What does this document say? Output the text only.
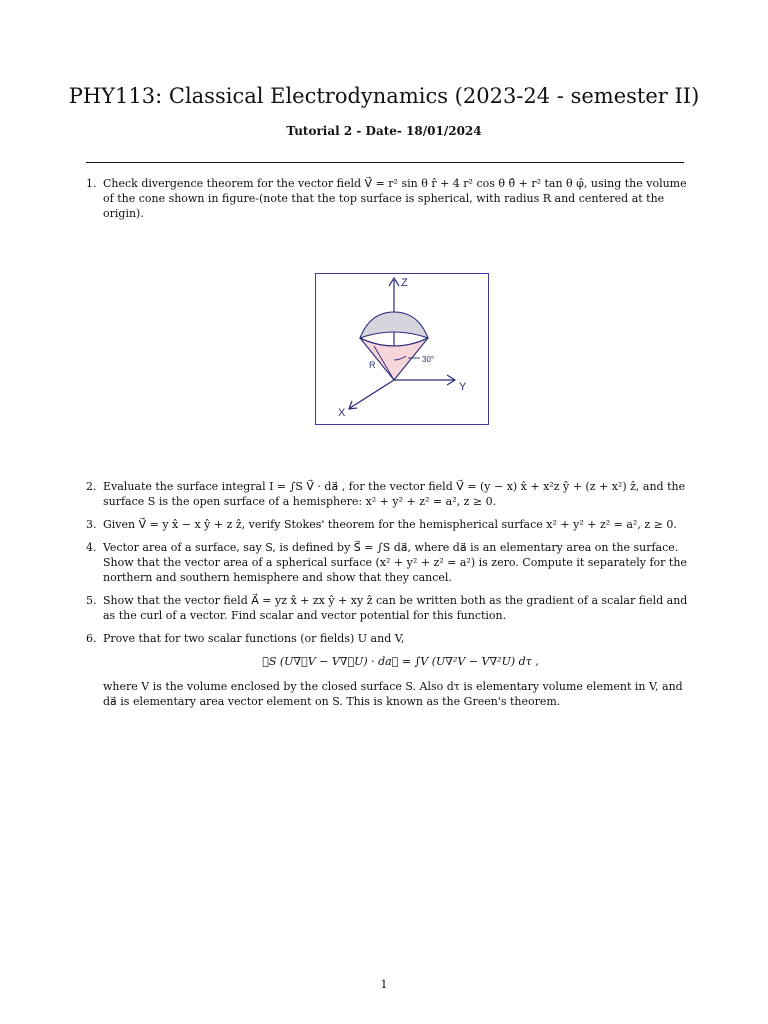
PHY113: Classical Electrodynamics (2023-24 - semester II)
Tutorial 2 - Date- 18/01/2024
1. Check divergence theorem for the vector field V⃗ = r² sin θ r̂ + 4 r² cos θ θ̂ + r² tan θ φ̂, using the volume of the cone shown in figure-(note that the top surface is spherical, with radius R and centered at the origin).
Z
Y
X
R
30°
2. Evaluate the surface integral I = ∫S V⃗ · da⃗ , for the vector field V⃗ = (y − x) x̂ + x²z ŷ + (z + x²) ẑ, and the surface S is the open surface of a hemisphere: x² + y² + z² = a², z ≥ 0.
3. Given V⃗ = y x̂ − x ŷ + z ẑ, verify Stokes' theorem for the hemispherical surface x² + y² + z² = a², z ≥ 0.
4. Vector area of a surface, say S, is defined by S⃗ = ∫S da⃗, where da⃗ is an elementary area on the surface. Show that the vector area of a spherical surface (x² + y² + z² = a²) is zero. Compute it separately for the northern and southern hemisphere and show that they cancel.
5. Show that the vector field A⃗ = yz x̂ + zx ŷ + xy ẑ can be written both as the gradient of a scalar field and as the curl of a vector. Find scalar and vector potential for this function.
6. Prove that for two scalar functions (or fields) U and V,
∮S (U∇⃗V − V∇⃗U) · da⃗ = ∫V (U∇²V − V∇²U) dτ ,
where V is the volume enclosed by the closed surface S. Also dτ is elementary volume element in V, and da⃗ is elementary area vector element on S. This is known as the Green's theorem.
1
